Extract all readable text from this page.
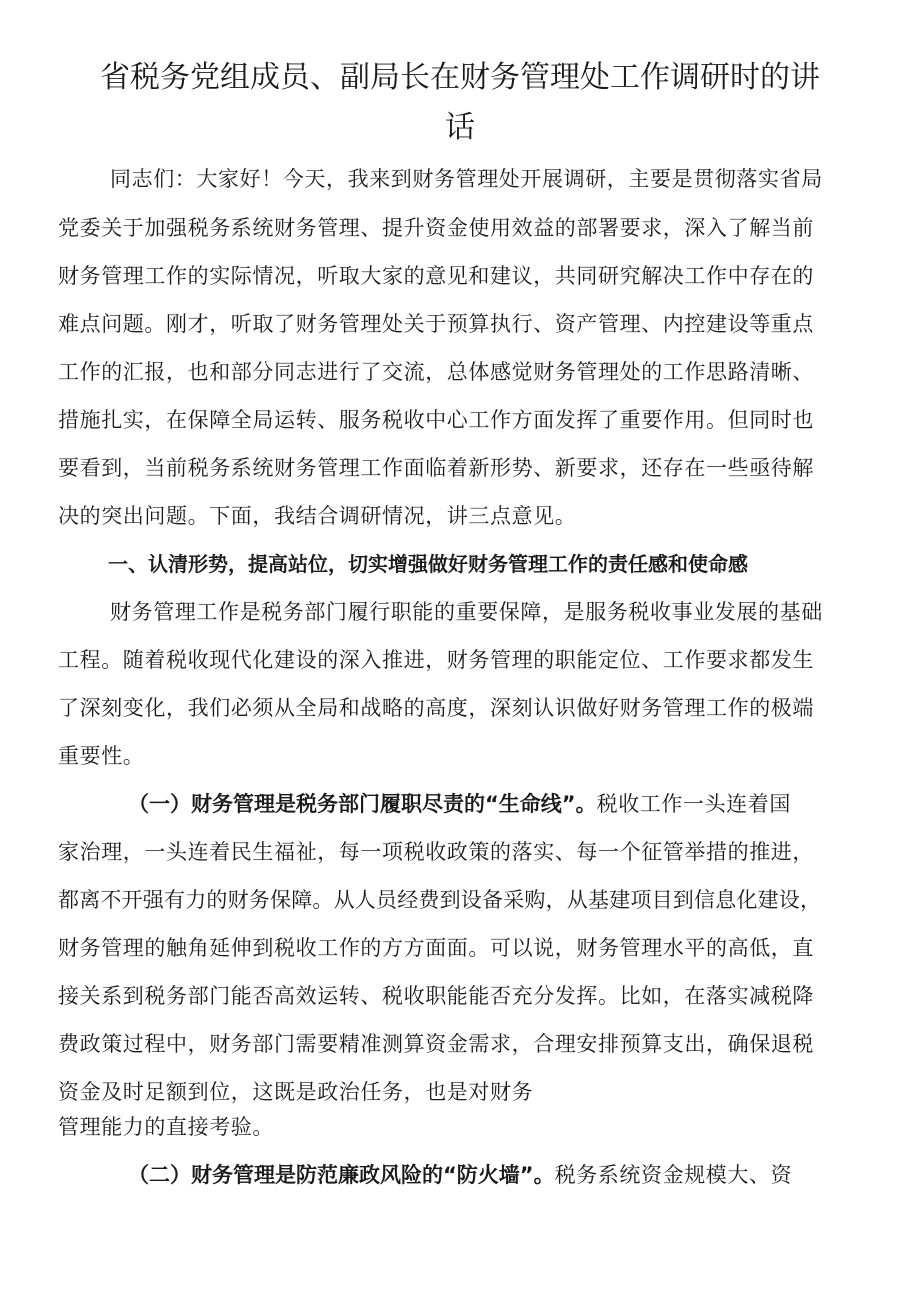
省税务党组成员、副局长在财务管理处工作调研时的讲
话
同志们：大家好！今天，我来到财务管理处开展调研，主要是贯彻落实省局
党委关于加强税务系统财务管理、提升资金使用效益的部署要求，深入了解当前
财务管理工作的实际情况，听取大家的意见和建议，共同研究解决工作中存在的
难点问题。刚才，听取了财务管理处关于预算执行、资产管理、内控建设等重点
工作的汇报，也和部分同志进行了交流，总体感觉财务管理处的工作思路清晰、
措施扎实，在保障全局运转、服务税收中心工作方面发挥了重要作用。但同时也
要看到，当前税务系统财务管理工作面临着新形势、新要求，还存在一些亟待解
决的突出问题。下面，我结合调研情况，讲三点意见。
一、认清形势，提高站位，切实增强做好财务管理工作的责任感和使命感
财务管理工作是税务部门履行职能的重要保障，是服务税收事业发展的基础
工程。随着税收现代化建设的深入推进，财务管理的职能定位、工作要求都发生
了深刻变化，我们必须从全局和战略的高度，深刻认识做好财务管理工作的极端
重要性。
（一）财务管理是税务部门履职尽责的“生命线”。税收工作一头连着国
家治理，一头连着民生福祉，每一项税收政策的落实、每一个征管举措的推进，
都离不开强有力的财务保障。从人员经费到设备采购，从基建项目到信息化建设，
财务管理的触角延伸到税收工作的方方面面。可以说，财务管理水平的高低，直
接关系到税务部门能否高效运转、税收职能能否充分发挥。比如，在落实减税降
费政策过程中，财务部门需要精准测算资金需求，合理安排预算支出，确保退税
资金及时足额到位，这既是政治任务，也是对财务
管理能力的直接考验。
（二）财务管理是防范廉政风险的“防火墙”。税务系统资金规模大、资
